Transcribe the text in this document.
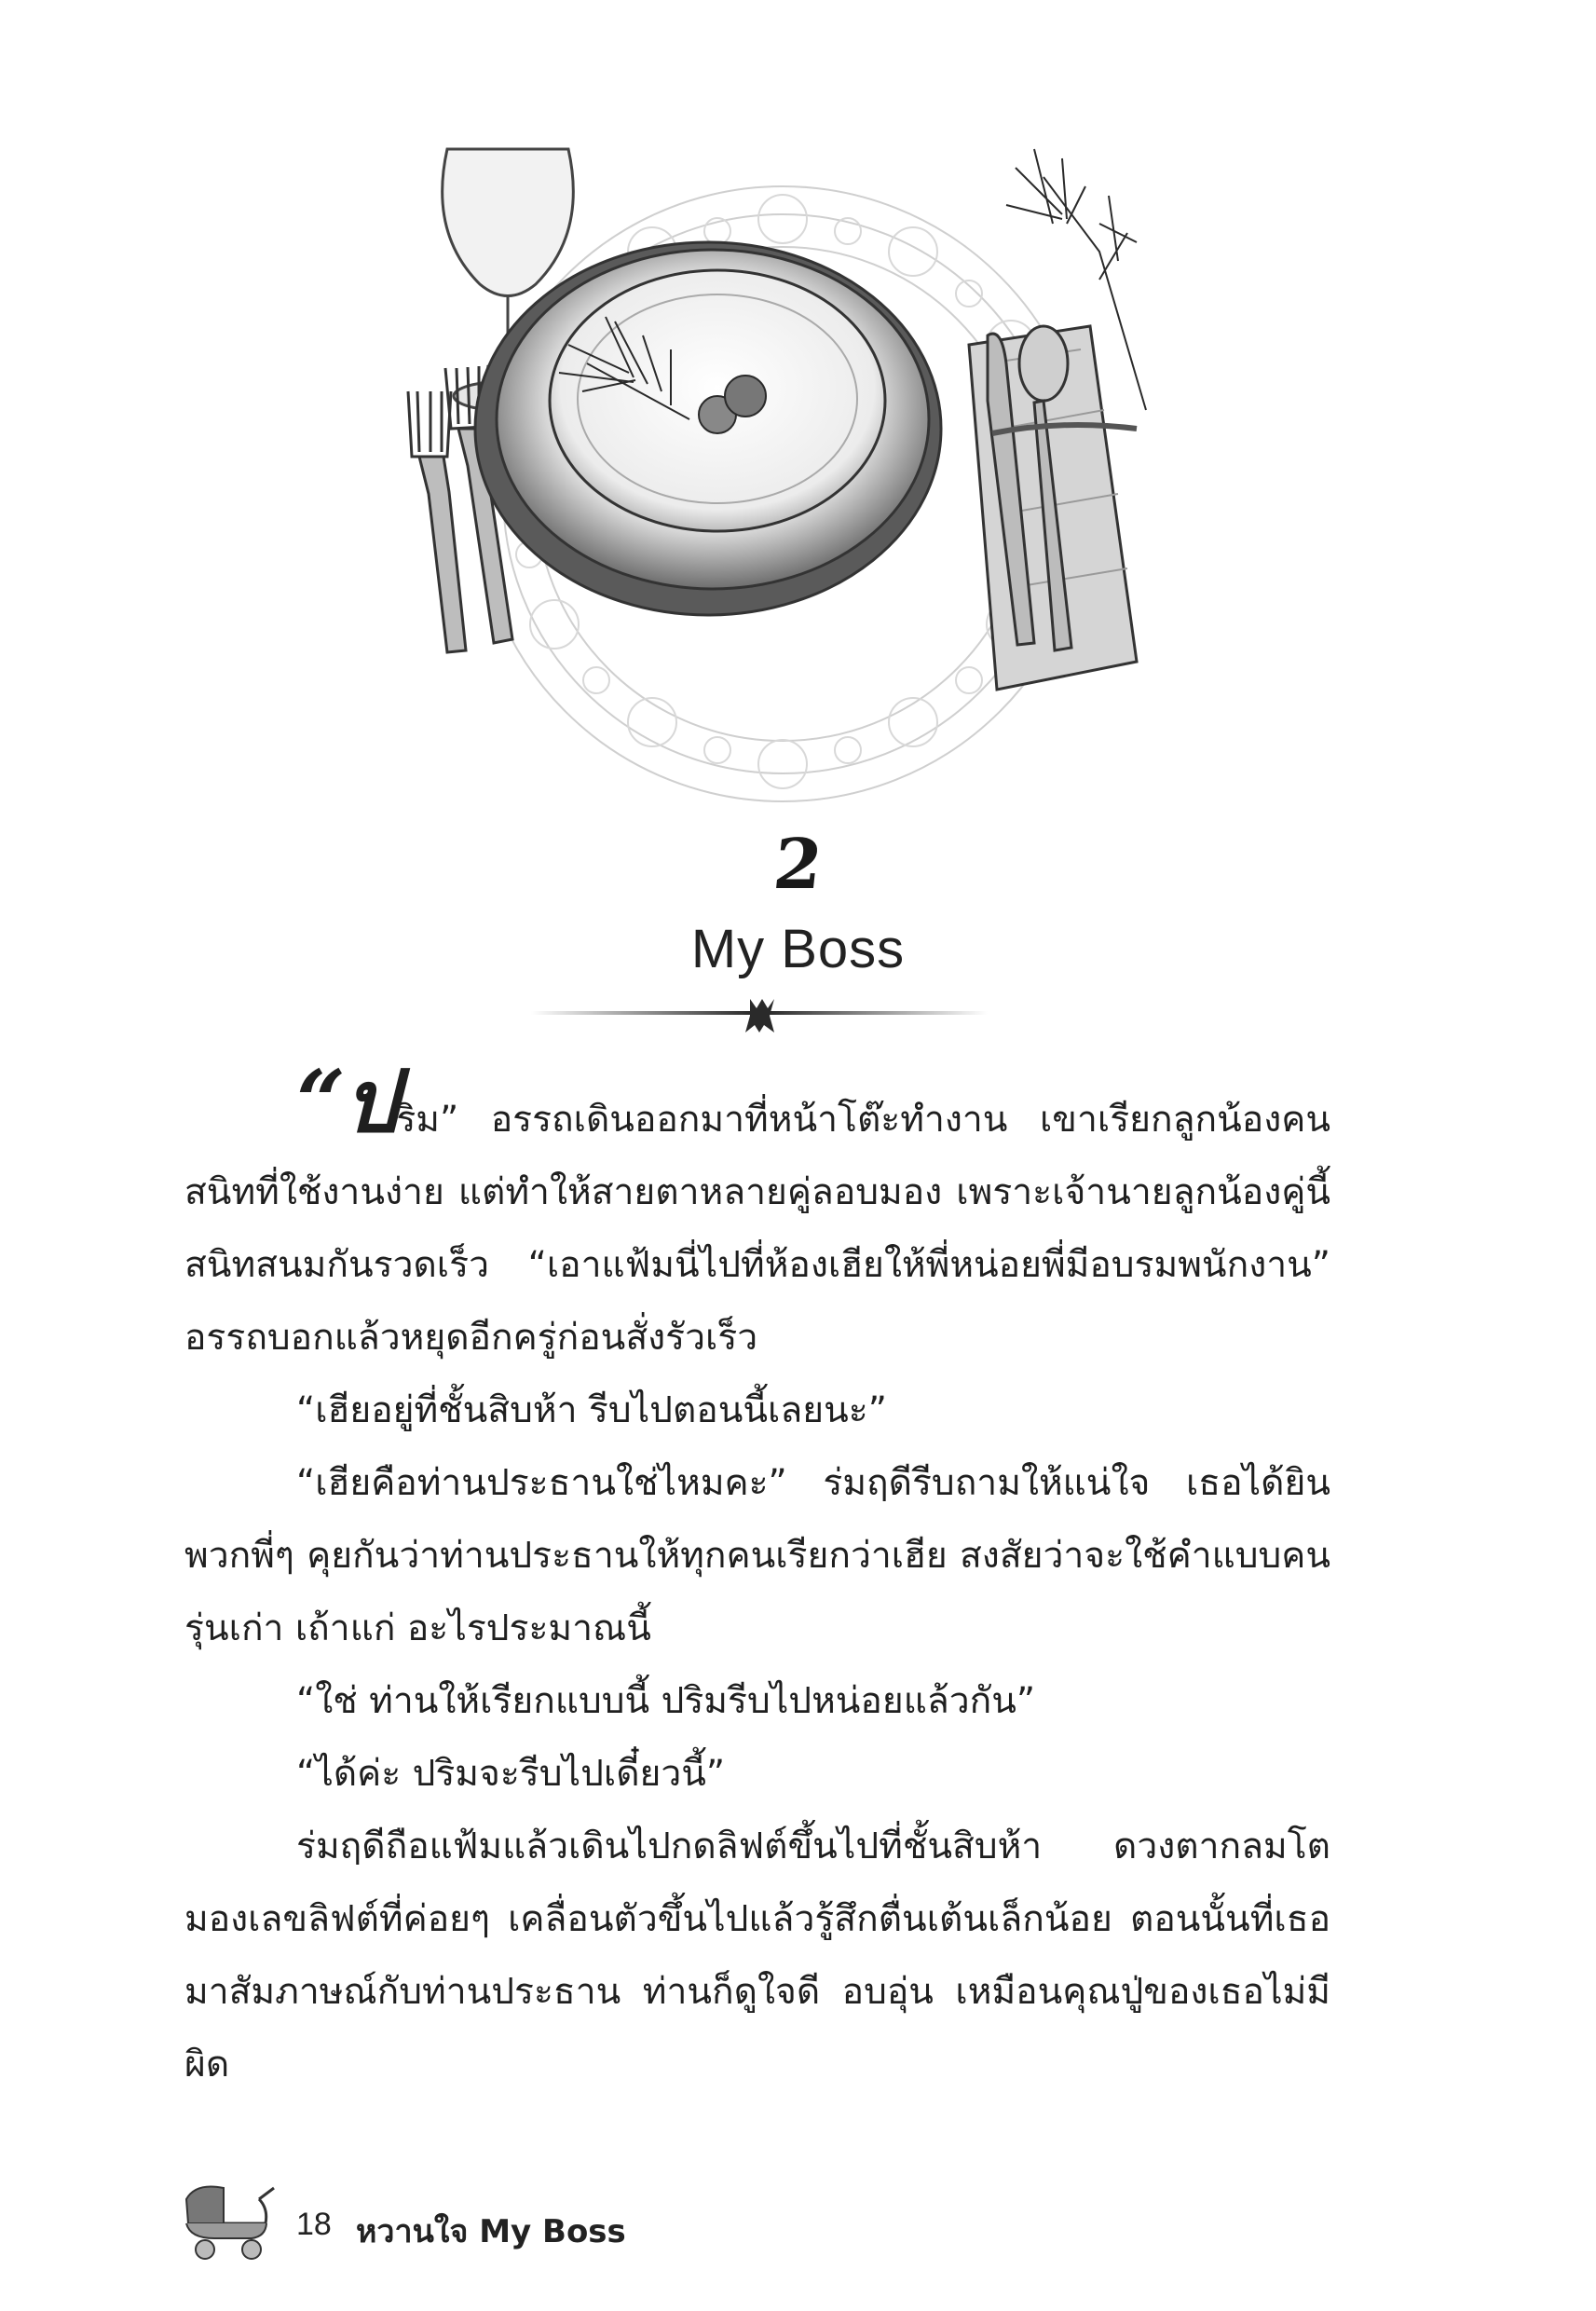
2
My Boss

“ปริม” อรรถเดินออกมาที่หน้าโต๊ะทำงาน เขาเรียกลูกน้องคนสนิทที่ใช้งานง่าย แต่ทำให้สายตาหลายคู่ลอบมอง เพราะเจ้านายลูกน้องคู่นี้สนิทสนมกันรวดเร็ว “เอาแฟ้มนี่ไปที่ห้องเฮียให้พี่หน่อยพี่มีอบรมพนักงาน” อรรถบอกแล้วหยุดอีกครู่ก่อนสั่งรัวเร็ว

“เฮียอยู่ที่ชั้นสิบห้า รีบไปตอนนี้เลยนะ”

“เฮียคือท่านประธานใช่ไหมคะ” ร่มฤดีรีบถามให้แน่ใจ เธอได้ยินพวกพี่ๆ คุยกันว่าท่านประธานให้ทุกคนเรียกว่าเฮีย สงสัยว่าจะใช้คำแบบคนรุ่นเก่า เถ้าแก่ อะไรประมาณนี้

“ใช่ ท่านให้เรียกแบบนี้ ปริมรีบไปหน่อยแล้วกัน”

“ได้ค่ะ ปริมจะรีบไปเดี๋ยวนี้”

ร่มฤดีถือแฟ้มแล้วเดินไปกดลิฟต์ขึ้นไปที่ชั้นสิบห้า ดวงตากลมโตมองเลขลิฟต์ที่ค่อยๆ เคลื่อนตัวขึ้นไปแล้วรู้สึกตื่นเต้นเล็กน้อย ตอนนั้นที่เธอมาสัมภาษณ์กับท่านประธาน ท่านก็ดูใจดี อบอุ่น เหมือนคุณปู่ของเธอไม่มีผิด

18 หวานใจ My Boss
